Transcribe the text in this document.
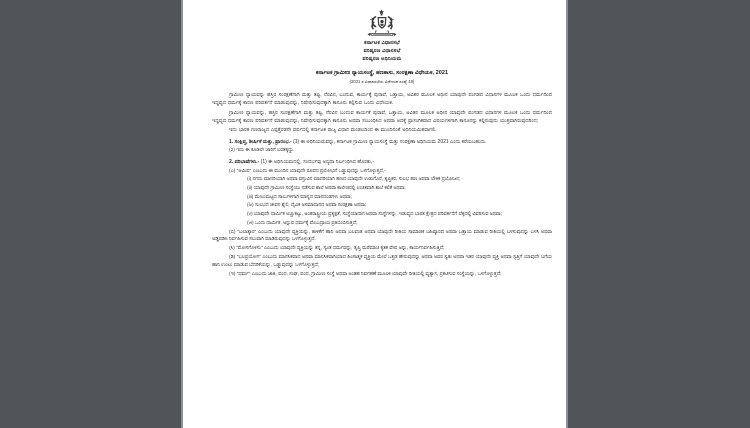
ಕರ್ನಾಟಕ ವಿಧಾನಸಭೆ
ಪರಿಷ್ಕರಣ ವಿಧಾನಸಭೆ
ಪರಿಷ್ಕರಣ ಅಧಿನಿಯಮ
ಕರ್ನಾಟಕ ಗ್ರಾಮೀಣ ನ್ಯಾಯಸಂಸ್ಥೆ, ಹಣಕಾಸು, ಸಂರಕ್ಷಣಾ ವಿಧೇಯಕ, 2021
(2021 ರ ವಿಧಾನಸಭೆಯ ವಿಧೇಯಕ ಸಂಖ್ಯೆ 48)

ಗ್ರಾಮೀಣ ನ್ಯಾಯವನ್ನು ಹಸ್ತಿರ ಸಂರಕ್ಷಣೆಗಾಗಿ ಮತ್ತು ತಷ್ಟಿ, ನೆರವಿನ, ಬಂದುವ, ಕಾರ್ಯಕ್ಕೆ ಪುರಾವೆ, ಒತ್ತಾಯ, ಅವಿತರ ಮೂಲಕ ಅಧೀನ ಯಾವುದೇ ಪಂಗಡದ ವಿಧಾನಗಳ ಮೂಲಕ ಒಂದು ಧರ್ಮದಿಂದ ಇದ್ದವ್ಯದ ಧರ್ಮಕ್ಕೆ ಕಾರಣ ಪರಿವರ್ತನೆ ಮಾಡುವುದನ್ನು, ನಿಷೇಧಿಸುವುದಕ್ಕಾಗಿ ಕಾನೂನು ಕಲ್ಪಿಸುವ ಒಂದು ವಿಧೇಯಕ.

ಗ್ರಾಮೀಣ ನ್ಯಾಯವನ್ನು, ಹಸ್ತಿರ ಸಂರಕ್ಷಣೆಗಾಗಿ ಮತ್ತು ತಷ್ಟಿ, ನೆರವಿನ ಬಂದುವ ಕಾರ್ಯಕೆ ಪುರಾವೆ, ಒತ್ತಾಯ, ಅವಿತರ ಮೂಲಕ ಅಧೀನ ಯಾವುದೇ ಪಂಗಡದ ವಿಧಾನಗಳ ಮೂಲಕ ಒಂದು ಧರ್ಮದಿಂದ ಇದ್ದವ್ಯದ ಧರ್ಮಕ್ಕೆ ಕಾರಣ ಪರಿವರ್ತನೆ ಮಾಡುವುದನ್ನು, ನಿಷೇಧಿಸುವುದಕ್ಕಾಗಿ ಕಾನೂನು ಅಥವಾ ಸಂಬಂಧಿಸಿದ ಅಥವಾ ಅದಕ್ಕೆ ಪ್ರಾಸಂಗಿಕವಾದ ವಿಷಯಗಳಿಗಾಗಿ ಕಾನೂನನ್ನು ಕಲ್ಪಿಸುವುದು ಯುಕ್ತವಾಗಿರುವುದರಿಂದ;

ಇದು ಭಾರತ ಗಣರಾಜ್ಯದ ಎಪ್ಪತ್ತೆರಡನೇ ವರ್ಷದಲ್ಲಿ ಕರ್ನಾಟಕ ರಾಜ್ಯ ವಿಧಾನ ಮಂಡಲದಿಂದ ಈ ಮುಂದಿನಂತೆ ಅಧಿನಿಯಮಿತವಾಗಲಿ.

1. ಸಂಕ್ಷಿಪ್ತ, ಶೀರ್ಷಿಕೆ ಮತ್ತು, ಪ್ರಾರಂಭ.- (1) ಈ ಅಧಿನಿಯಮವನ್ನು, ಕರ್ನಾಟಕ ಗ್ರಾಮೀಣ ನ್ಯಾಯಸಂಸ್ಥೆ ಮತ್ತು ಸಂರಕ್ಷಣಾ ಅಧಿನಿಯಮ 2021 ಎಂದು ಕರೆಯಬಹುದು.

(2) ಇದು ಈ ಕೂಡಲೇ ಜಾರಿಗೆ ಬರತಕ್ಕದ್ದು.

2. ಪರಿಭಾಷೆಗಳು.- (1) ಈ ಅಧಿನಿಯಮದಲ್ಲಿ, ಸಂದರ್ಭವು ಅನ್ಯಥಾ ನಿರ್ಬಂಧಿಸಿದ ಹೊರತು,-

(ಎ) "ಆಮಿಷ" ಎಂಬುದು ಈ ಮುಂದಿನ ಯಾವುದೇ ರೂಪದ ಪ್ರಲೋಭನೆ ಒಡ್ಡುವುದನ್ನು ಒಳಗೊಳ್ಳುತ್ತದೆ,-

(i) ನಗದು ಮಾದರಿಯಾಗಿ ಅಥವಾ ವಸ್ತುವಿನ ಮಾದರಿಯಾಗಿ ಹಣದ ಯಾವುದೇ ಉಡುಗೊರೆ, ತೃಪ್ತಿಕರ, ಸುಲಭ ಹಣ ಅಥವಾ ಲೌಕಿಕ ಪ್ರಯೋಜನ;

(ii) ಯಾವುದೇ ಗ್ರಾಮೀಣ ಸಂಸ್ಥೆಯು ನಡೆಸುವ ಶಾಲೆ ಅಥವಾ ಕಾಲೇಜಿನಲ್ಲಿ ಉಚಿತವಾಗಿ ಶಾಲೆ ಕಲಿಕೆ ಅಥವಾ;

(iii) ಮೇಲುಮಟ್ಟದ ಸಾಲುಗಳಿಗಾಗಿ ಮಾನ್ಯದ ಮಾನದಂಡಗಳು ಅಥವಾ;

(iv) ಸುಲಭದ ಜೀವನ ಶೈಲಿ, ದೈವಿಕ ಅಸಮಾಧಾನದ ಅಥವಾ ಸಂರಕ್ಷಣಾ ಅಥವಾ;

(v) ಯಾವುದೇ ಧಾರ್ಮಿಕ ಅಚ್ಚುಕಟ್ಟು, ಅಂತರಾಷ್ಟ್ರೀಯ ಪ್ರತ್ಯಕ್ಷತೆ, ಸಂಸ್ಥೆಯಾದಾಗ ಅಥವಾ ಸಂಸ್ಥೆಗಳನ್ನು, ಇಡುವ್ಯದ ಭಾರತ ಕ್ಷೇತ್ರದ ಪರಿವರ್ತನೆಗೆ ಲೆಕ್ಕದಲ್ಲಿ ವಿವರಿಸುವ ಅಥವಾ;

(vi) ಒಂದು ಧಾರ್ಮಿಕ, ಅನ್ನುವ ಧರ್ಮಕ್ಕೆ ವೆಂಬುದ್ರಾಯ ಪ್ರತಿಬಿಂಬಿಸುತ್ತದೆ;

(ಬಿ) "ಬಲಾತ್ಕಾರ" ಎಂಬುದು ಯಾವುದೇ ವ್ಯಕ್ತಿಯನ್ನು, ತಾಳಿಕೆಗೆ ಹಾನಿ ಅಥವಾ ಬಲವಂತ ಅಥವಾ ಯಾವುದೇ ರೀತಿಯ ಸಾಮಾಜಿಕ ಬಹಿಷ್ಕಾರದ ಅಥವಾ ಒತ್ತಾಯ ಮಾಡುವ ರೀತಿಯಲ್ಲಿ ಬಳಸುವುದನ್ನು ಬಳಸಿ ಅಥವಾ ಅಡ್ಡಿಪಡಿಸಿ ನಿರ್ವಹಿಸುವ ಸಲುವಾಗಿ ಮಾಡಿರುವುದನ್ನು ಒಳಗೊಳ್ಳುತ್ತದೆ.

(ಸಿ) "ಮೋಸಗೊಳಿಸು" ಎಂಬುದು ಯಾವುದೇ ವ್ಯಕ್ತಿಯನ್ನು ತನ್ನ, ಸ್ವಂತ ಧರ್ಮವನ್ನು, ತೃಪ್ತಿ ಮರೆಮಾಚಿ ಕೃತಕ ವೇಷ ಅನ್ನು, ಕಾರ್ಯನಿರ್ವಹಿಸುತ್ತಿದೆ;

(ಡಿ) "ಬಲಪ್ರಯೋಗ" ಎಂಬುದು ಮಾನಸಿಕವಾದ ಅಥವಾ ಮಾನಸಿಕವಾಗಿಯಾದ ಹಿಂಸಾತ್ಮಕ ವ್ಯಕ್ತಿಯ ಮೇಲೆ ಒತ್ತಡ ಹೇರುವುದನ್ನು ಅಥವಾ ಅವರ ಸ್ವತಃ ಅಥವಾ ಇತರ ಯಾವುದೇ ವ್ಯಕ್ತಿ ಅಥವಾ ಸ್ವತ್ತಿಗೆ ಯಾವುದೇ ಬಗೆಯ ಹಾನಿ ಉಂಟು ಮಾಡುವ ಬೆದರಿಕೆಯನ್ನು, ಒಡ್ಡುವುದನ್ನು ಒಳಗೊಳ್ಳುತ್ತದೆ;

(ಇ) "ಧರ್ಮ" ಎಂಬುದು ಜಾತಿ, ಪಂಥ, ಸಂಘ, ಪಂಥ, ಗ್ರಾಮೀಣ ಸಂಸ್ಥೆ ಅಥವಾ ಅಂತಹ ನಿರ್ವಹಣೆ ಮೂಲಕ ಯಾವುದೇ ರೀತಿಯಲ್ಲಿ ವ್ಯತ್ಯಾಸ, ಪ್ರಕಟಿಸುವ ಸಂಸ್ಥೆಯನ್ನು, ಒಳಗೊಳ್ಳುತ್ತದೆ;
